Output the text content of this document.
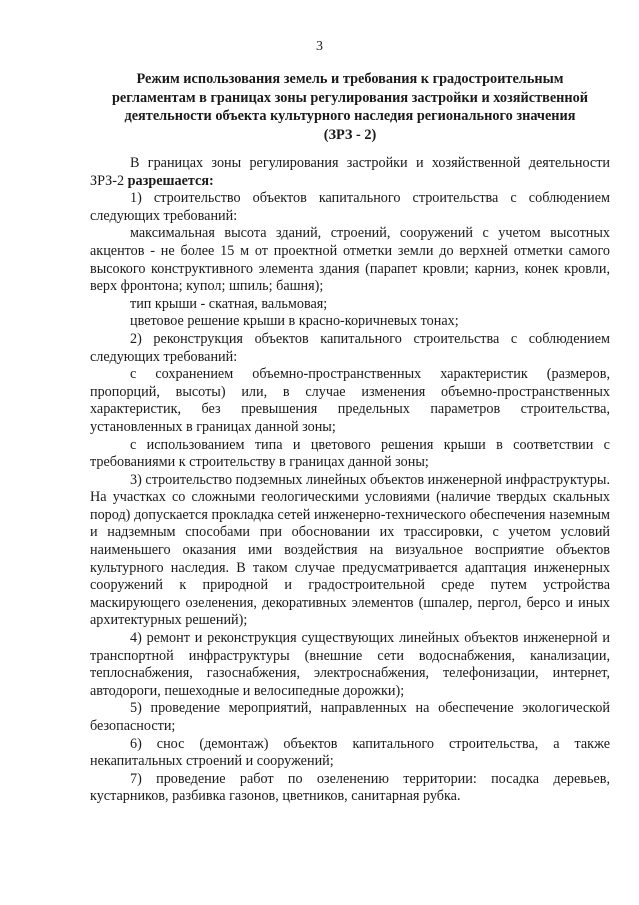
3
Режим использования земель и требования к градостроительным
регламентам в границах зоны регулирования застройки и хозяйственной
деятельности объекта культурного наследия регионального значения
(ЗРЗ - 2)

В границах зоны регулирования застройки и хозяйственной деятельности ЗРЗ-2 разрешается:

1) строительство объектов капитального строительства с соблюдением следующих требований:

максимальная высота зданий, строений, сооружений с учетом высотных акцентов - не более 15 м от проектной отметки земли до верхней отметки самого высокого конструктивного элемента здания (парапет кровли; карниз, конек кровли, верх фронтона; купол; шпиль; башня);

тип крыши - скатная, вальмовая;

цветовое решение крыши в красно-коричневых тонах;

2) реконструкция объектов капитального строительства с соблюдением следующих требований:

с сохранением объемно-пространственных характеристик (размеров, пропорций, высоты) или, в случае изменения объемно-пространственных характеристик, без превышения предельных параметров строительства, установленных в границах данной зоны;

с использованием типа и цветового решения крыши в соответствии с требованиями к строительству в границах данной зоны;

3) строительство подземных линейных объектов инженерной инфраструктуры. На участках со сложными геологическими условиями (наличие твердых скальных пород) допускается прокладка сетей инженерно-технического обеспечения наземным и надземным способами при обосновании их трассировки, с учетом условий наименьшего оказания ими воздействия на визуальное восприятие объектов культурного наследия. В таком случае предусматривается адаптация инженерных сооружений к природной и градостроительной среде путем устройства маскирующего озеленения, декоративных элементов (шпалер, пергол, берсо и иных архитектурных решений);

4) ремонт и реконструкция существующих линейных объектов инженерной и транспортной инфраструктуры (внешние сети водоснабжения, канализации, теплоснабжения, газоснабжения, электроснабжения, телефонизации, интернет, автодороги, пешеходные и велосипедные дорожки);

5) проведение мероприятий, направленных на обеспечение экологической безопасности;

6) снос (демонтаж) объектов капитального строительства, а также некапитальных строений и сооружений;

7) проведение работ по озеленению территории: посадка деревьев, кустарников, разбивка газонов, цветников, санитарная рубка.
